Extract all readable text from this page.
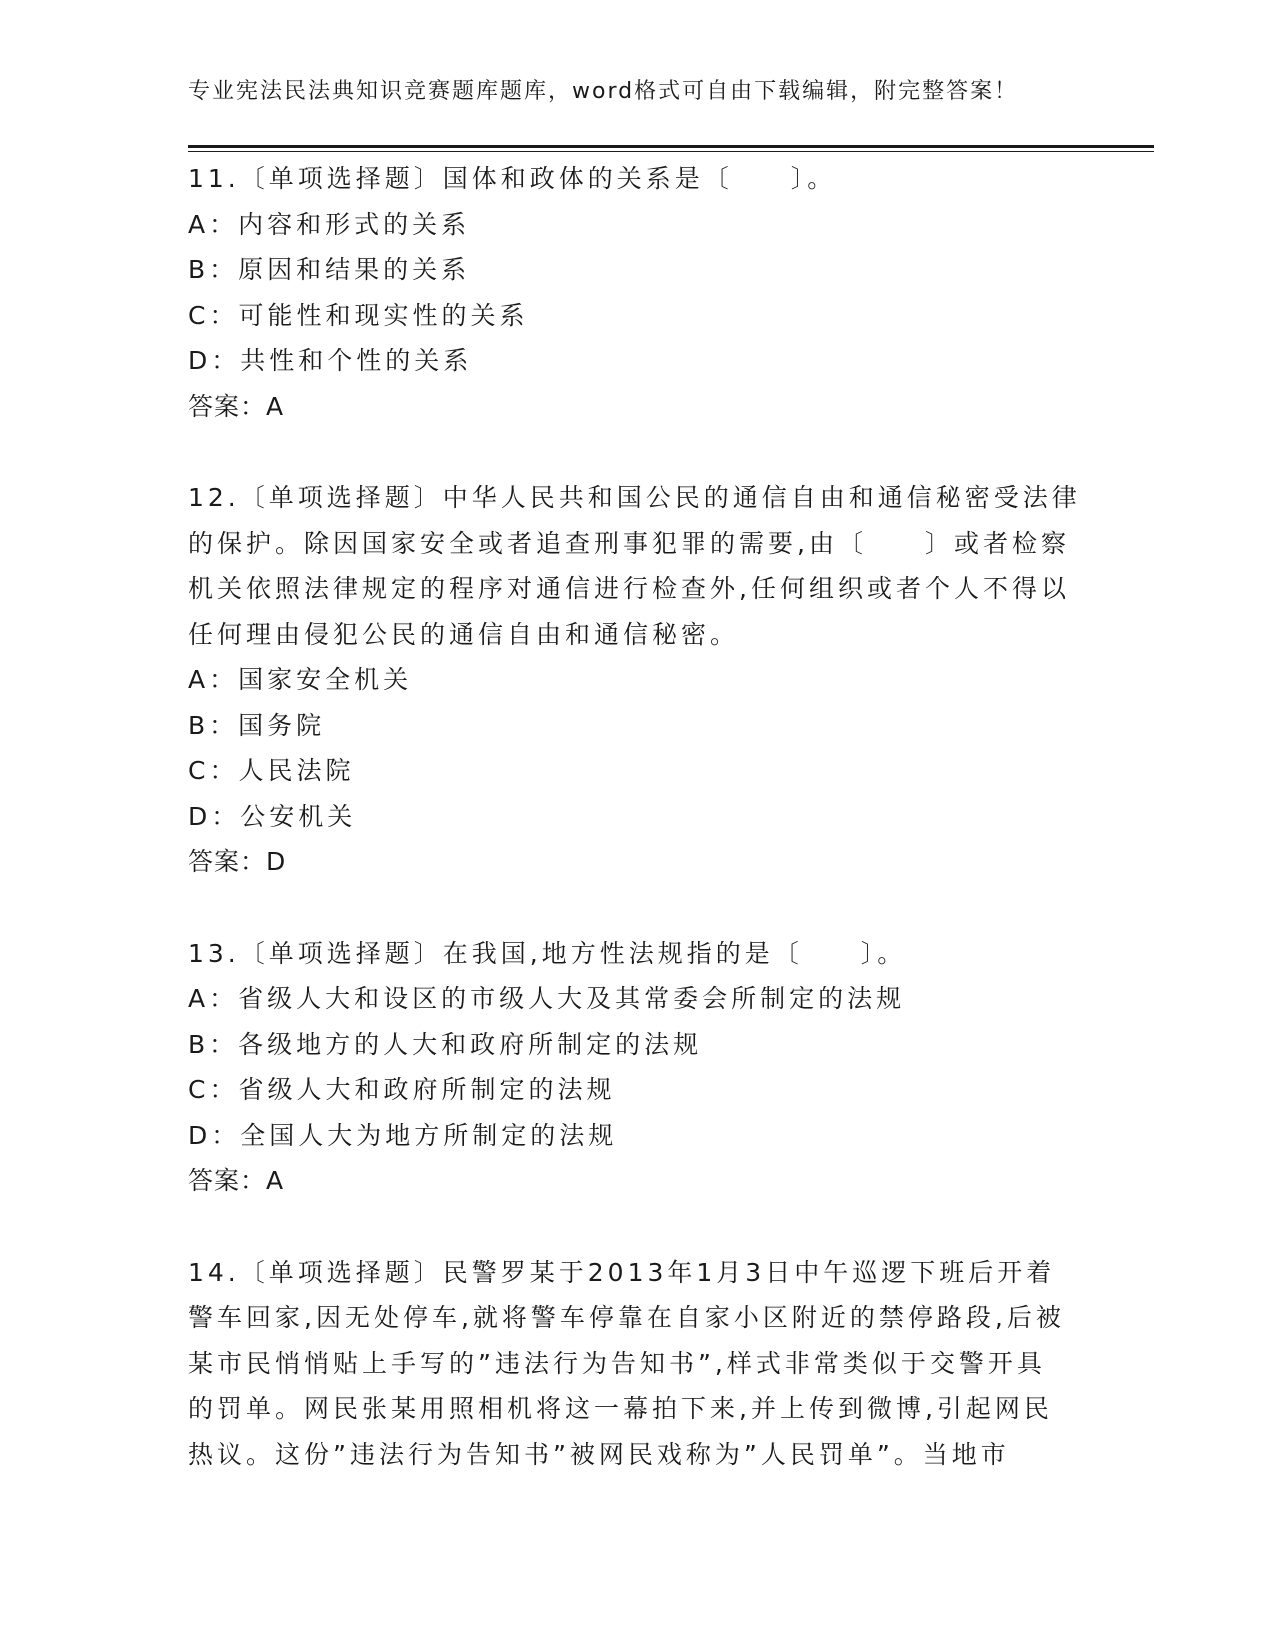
专业宪法民法典知识竞赛题库题库，word格式可自由下载编辑，附完整答案！
11.〔单项选择题〕国体和政体的关系是〔　　〕。
A：内容和形式的关系
B：原因和结果的关系
C：可能性和现实性的关系
D：共性和个性的关系
答案：A
12.〔单项选择题〕中华人民共和国公民的通信自由和通信秘密受法律
的保护。除因国家安全或者追查刑事犯罪的需要,由〔　　〕或者检察
机关依照法律规定的程序对通信进行检查外,任何组织或者个人不得以
任何理由侵犯公民的通信自由和通信秘密。
A：国家安全机关
B：国务院
C：人民法院
D：公安机关
答案：D
13.〔单项选择题〕在我国,地方性法规指的是〔　　〕。
A：省级人大和设区的市级人大及其常委会所制定的法规
B：各级地方的人大和政府所制定的法规
C：省级人大和政府所制定的法规
D：全国人大为地方所制定的法规
答案：A
14.〔单项选择题〕民警罗某于2013年1月3日中午巡逻下班后开着
警车回家,因无处停车,就将警车停靠在自家小区附近的禁停路段,后被
某市民悄悄贴上手写的”违法行为告知书”,样式非常类似于交警开具
的罚单。网民张某用照相机将这一幕拍下来,并上传到微博,引起网民
热议。这份”违法行为告知书”被网民戏称为”人民罚单”。当地市
